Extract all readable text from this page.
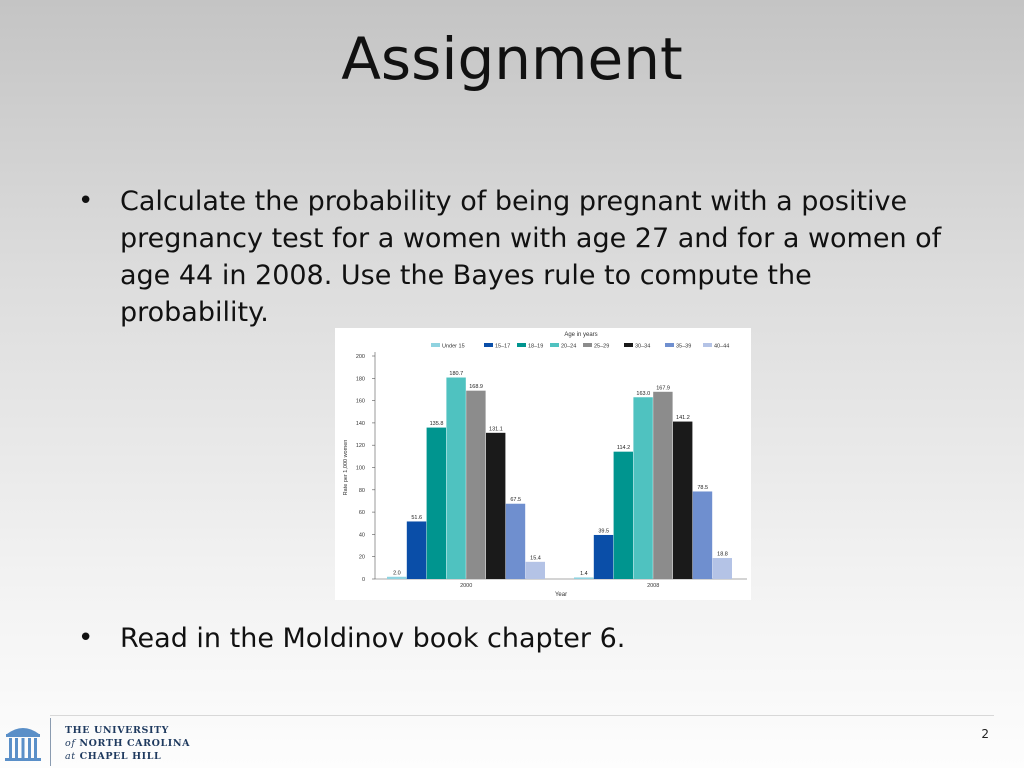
Assignment
• Calculate the probability of being pregnant with a positive pregnancy test for a women with age 27 and for a women of age 44 in 2008. Use the Bayes rule to compute the probability.
Age in years
Under 15	15–17	18–19	20–24	25–29	30–34	35–39	40–44
0
20
40
60
80
100
120
140
160
180
200
Rate per 1,000 women
2.0
51.6
135.8
180.7
168.9
131.1
67.5
15.4
2000
1.4
39.5
114.2
163.0
167.9
141.2
78.5
18.8
2008
Year
• Read in the Moldinov book chapter 6.
THE UNIVERSITY
of NORTH CAROLINA
at CHAPEL HILL
2
